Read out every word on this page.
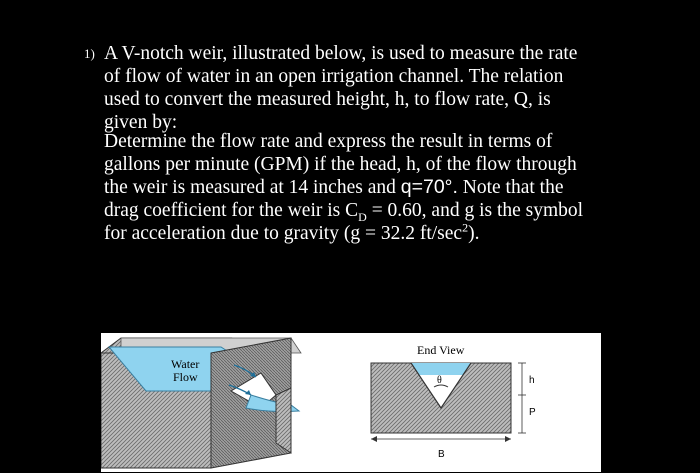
1) A V-notch weir, illustrated below, is used to measure the rate
of flow of water in an open irrigation channel. The relation
used to convert the measured height, h, to flow rate, Q, is
given by:

Determine the flow rate and express the result in terms of
gallons per minute (GPM) if the head, h, of the flow through
the weir is measured at 14 inches and q=70°. Note that the
drag coefficient for the weir is $C_D = 0.60$, and g is the symbol
for acceleration due to gravity (g = 32.2 $ft/\sec^2$).

Water
Flow
End View
θ
B
h
P
